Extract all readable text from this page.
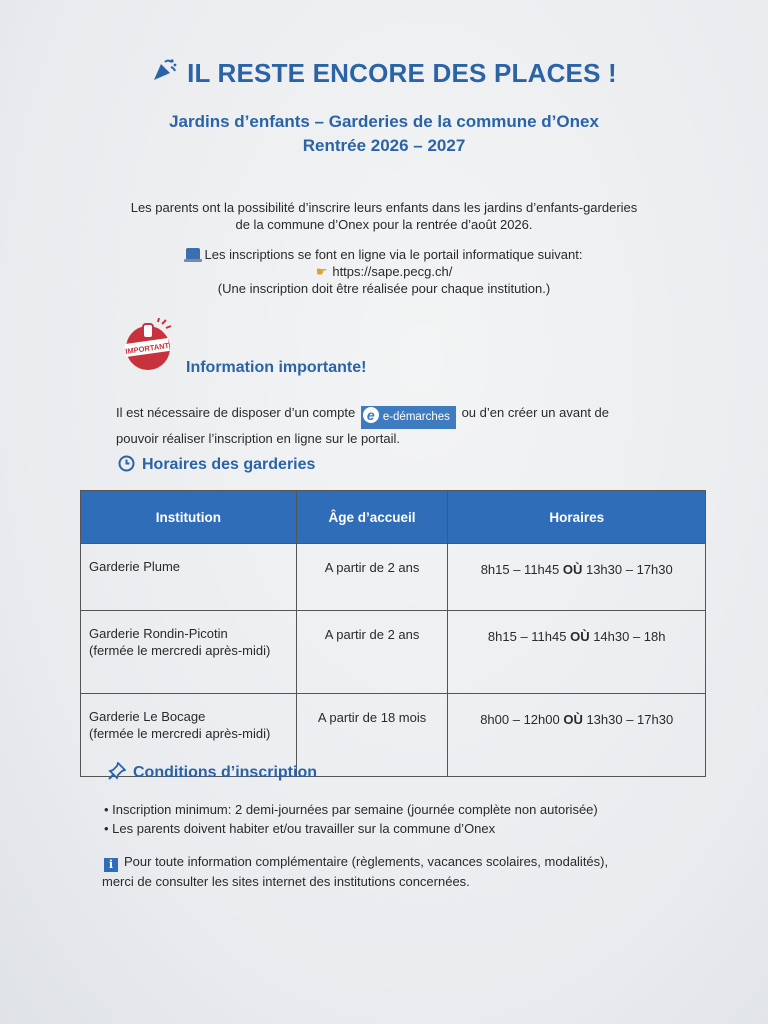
IL RESTE ENCORE DES PLACES !
Jardins d’enfants – Garderies de la commune d’Onex
Rentrée 2026 – 2027
Les parents ont la possibilité d’inscrire leurs enfants dans les jardins d’enfants-garderies
de la commune d’Onex pour la rentrée d’août 2026.
Les inscriptions se font en ligne via le portail informatique suivant:
☛ https://sape.pecg.ch/
(Une inscription doit être réalisée pour chaque institution.)
IMPORTANT
Information importante!
Il est nécessaire de disposer d’un compte e e-démarches ou d’en créer un avant de
pouvoir réaliser l’inscription en ligne sur le portail.
Horaires des garderies
Institution	Âge d’accueil	Horaires

Garderie Plume	A partir de 2 ans	8h15 – 11h45 OÙ 13h30 – 17h30

Garderie Rondin-Picotin
(fermée le mercredi après-midi)	A partir de 2 ans	8h15 – 11h45 OÙ 14h30 – 18h

Garderie Le Bocage
(fermée le mercredi après-midi)	A partir de 18 mois	8h00 – 12h00 OÙ 13h30 – 17h30
Conditions d’inscription
• Inscription minimum: 2 demi-journées par semaine (journée complète non autorisée)
• Les parents doivent habiter et/ou travailler sur la commune d’Onex
i Pour toute information complémentaire (règlements, vacances scolaires, modalités),
merci de consulter les sites internet des institutions concernées.
